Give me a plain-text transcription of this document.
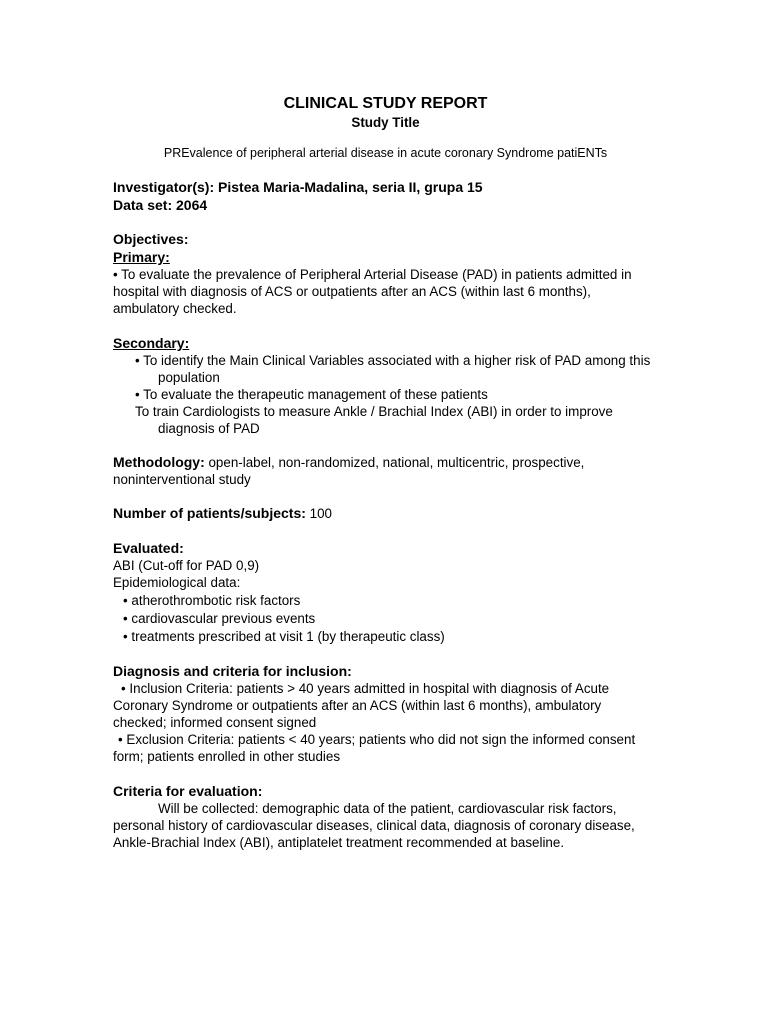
CLINICAL STUDY REPORT
Study Title
PREvalence of peripheral arterial disease in acute coronary Syndrome patiENTs
Investigator(s): Pistea Maria-Madalina, seria II, grupa 15
Data set: 2064
Objectives:
Primary:

• To evaluate the prevalence of Peripheral Arterial Disease (PAD) in patients admitted in hospital with diagnosis of ACS or outpatients after an ACS (within last 6 months), ambulatory checked.

Secondary:

• To identify the Main Clinical Variables associated with a higher risk of PAD among this population

• To evaluate the therapeutic management of these patients

To train Cardiologists to measure Ankle / Brachial Index (ABI) in order to improve diagnosis of PAD

Methodology: open-label, non-randomized, national, multicentric, prospective, noninterventional study

Number of patients/subjects: 100

Evaluated:

ABI (Cut-off for PAD 0,9)

Epidemiological data:

• atherothrombotic risk factors

• cardiovascular previous events

• treatments prescribed at visit 1 (by therapeutic class)

Diagnosis and criteria for inclusion:

• Inclusion Criteria: patients > 40 years admitted in hospital with diagnosis of Acute Coronary Syndrome or outpatients after an ACS (within last 6 months), ambulatory checked; informed consent signed

• Exclusion Criteria: patients < 40 years; patients who did not sign the informed consent form; patients enrolled in other studies

Criteria for evaluation:

Will be collected: demographic data of the patient, cardiovascular risk factors, personal history of cardiovascular diseases, clinical data, diagnosis of coronary disease, Ankle-Brachial Index (ABI), antiplatelet treatment recommended at baseline.
